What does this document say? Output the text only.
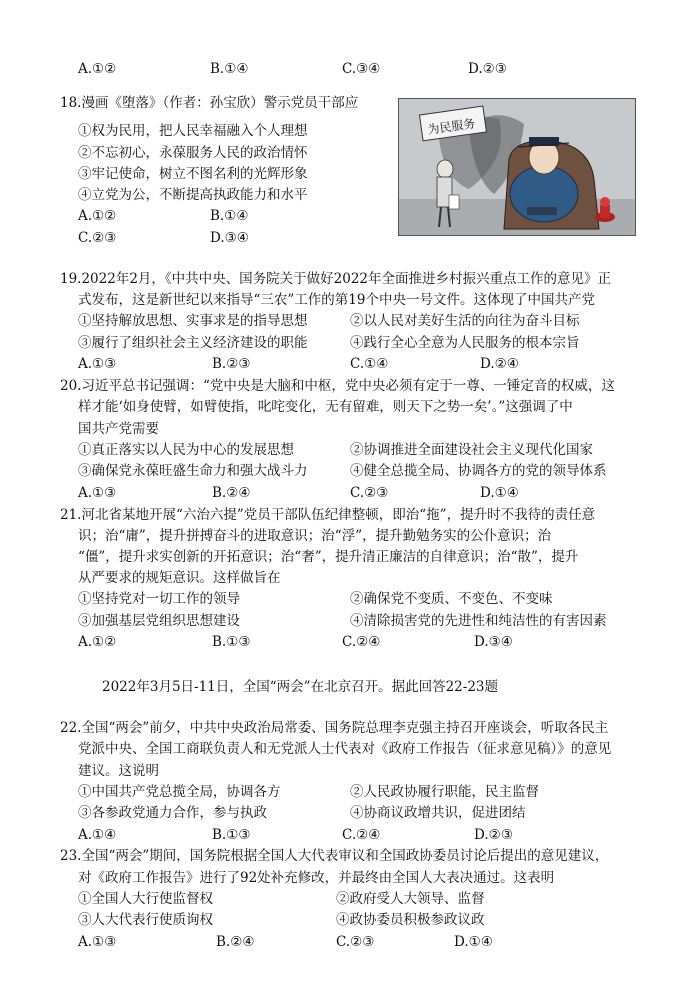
A.①②	B.①④	C.③④	D.②③
18.漫画《堕落》（作者：孙宝欣）警示党员干部应
①权为民用，把人民幸福融入个人理想
②不忘初心，永葆服务人民的政治情怀
③牢记使命，树立不图名利的光辉形象
④立党为公，不断提高执政能力和水平
A.①②	B.①④
C.②③	D.③④
为民服务
19.2022年2月，《中共中央、国务院关于做好2022年全面推进乡村振兴重点工作的意见》正
式发布，这是新世纪以来指导“三农”工作的第19个中央一号文件。这体现了中国共产党
①坚持解放思想、实事求是的指导思想	②以人民对美好生活的向往为奋斗目标
③履行了组织社会主义经济建设的职能	④践行全心全意为人民服务的根本宗旨
A.①③	B.②③	C.①④	D.②④
20.习近平总书记强调：“党中央是大脑和中枢，党中央必须有定于一尊、一锤定音的权威，这
样才能‘如身使臂，如臂使指，叱咤变化，无有留难，则天下之势一矣’。”这强调了中
国共产党需要
①真正落实以人民为中心的发展思想	②协调推进全面建设社会主义现代化国家
③确保党永葆旺盛生命力和强大战斗力	④健全总揽全局、协调各方的党的领导体系
A.①③	B.②④	C.②③	D.①④
21.河北省某地开展“六治六提”党员干部队伍纪律整顿，即治“拖”，提升时不我待的责任意
识；治“庸”，提升拼搏奋斗的进取意识；治“浮”，提升勤勉务实的公仆意识；治
“僵”，提升求实创新的开拓意识；治“奢”，提升清正廉洁的自律意识；治“散”，提升
从严要求的规矩意识。这样做旨在
①坚持党对一切工作的领导	②确保党不变质、不变色、不变味
③加强基层党组织思想建设	④清除损害党的先进性和纯洁性的有害因素
A.①②	B.①③	C.②④	D.③④
2022年3月5日-11日，全国“两会”在北京召开。据此回答22-23题
22.全国“两会”前夕，中共中央政治局常委、国务院总理李克强主持召开座谈会，听取各民主
党派中央、全国工商联负责人和无党派人士代表对《政府工作报告（征求意见稿）》的意见
建议。这说明
①中国共产党总揽全局，协调各方	②人民政协履行职能，民主监督
③各参政党通力合作，参与执政	④协商议政增共识，促进团结
A.①④	B.①③	C.②④	D.②③
23.全国“两会”期间，国务院根据全国人大代表审议和全国政协委员讨论后提出的意见建议，
对《政府工作报告》进行了92处补充修改，并最终由全国人大表决通过。这表明
①全国人大行使监督权	②政府受人大领导、监督
③人大代表行使质询权	④政协委员积极参政议政
A.①③	B.②④	C.②③	D.①④
